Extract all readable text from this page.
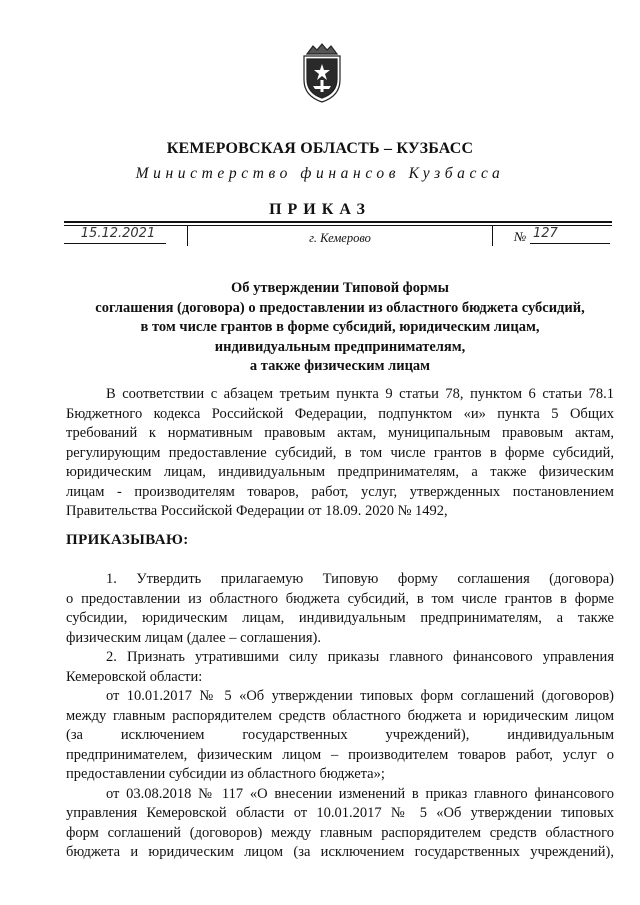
КЕМЕРОВСКАЯ ОБЛАСТЬ – КУЗБАСС
Министерство финансов Кузбасса
ПРИКАЗ
15.12.2021	г. Кемерово	№ 127
Об утверждении Типовой формы
соглашения (договора) о предоставлении из областного бюджета субсидий,
в том числе грантов в форме субсидий, юридическим лицам,
индивидуальным предпринимателям,
а также физическим лицам
В соответствии с абзацем третьим пункта 9 статьи 78, пунктом 6 статьи 78.1
Бюджетного кодекса Российской Федерации, подпунктом «и» пункта 5 Общих
требований к нормативным правовым актам, муниципальным правовым актам,
регулирующим предоставление субсидий, в том числе грантов в форме субсидий,
юридическим лицам, индивидуальным предпринимателям, а также физическим
лицам - производителям товаров, работ, услуг, утвержденных постановлением
Правительства Российской Федерации от 18.09. 2020 № 1492,
ПРИКАЗЫВАЮ:
1. Утвердить прилагаемую Типовую форму соглашения (договора)
о предоставлении из областного бюджета субсидий, в том числе грантов в форме
субсидии, юридическим лицам, индивидуальным предпринимателям, а также
физическим лицам (далее – соглашения).
2. Признать утратившими силу приказы главного финансового управления
Кемеровской области:
от 10.01.2017 № 5 «Об утверждении типовых форм соглашений (договоров)
между главным распорядителем средств областного бюджета и юридическим лицом
(за исключением государственных учреждений), индивидуальным
предпринимателем, физическим лицом – производителем товаров работ, услуг о
предоставлении субсидии из областного бюджета»;
от 03.08.2018 № 117 «О внесении изменений в приказ главного финансового
управления Кемеровской области от 10.01.2017 № 5 «Об утверждении типовых
форм соглашений (договоров) между главным распорядителем средств областного
бюджета и юридическим лицом (за исключением государственных учреждений),
